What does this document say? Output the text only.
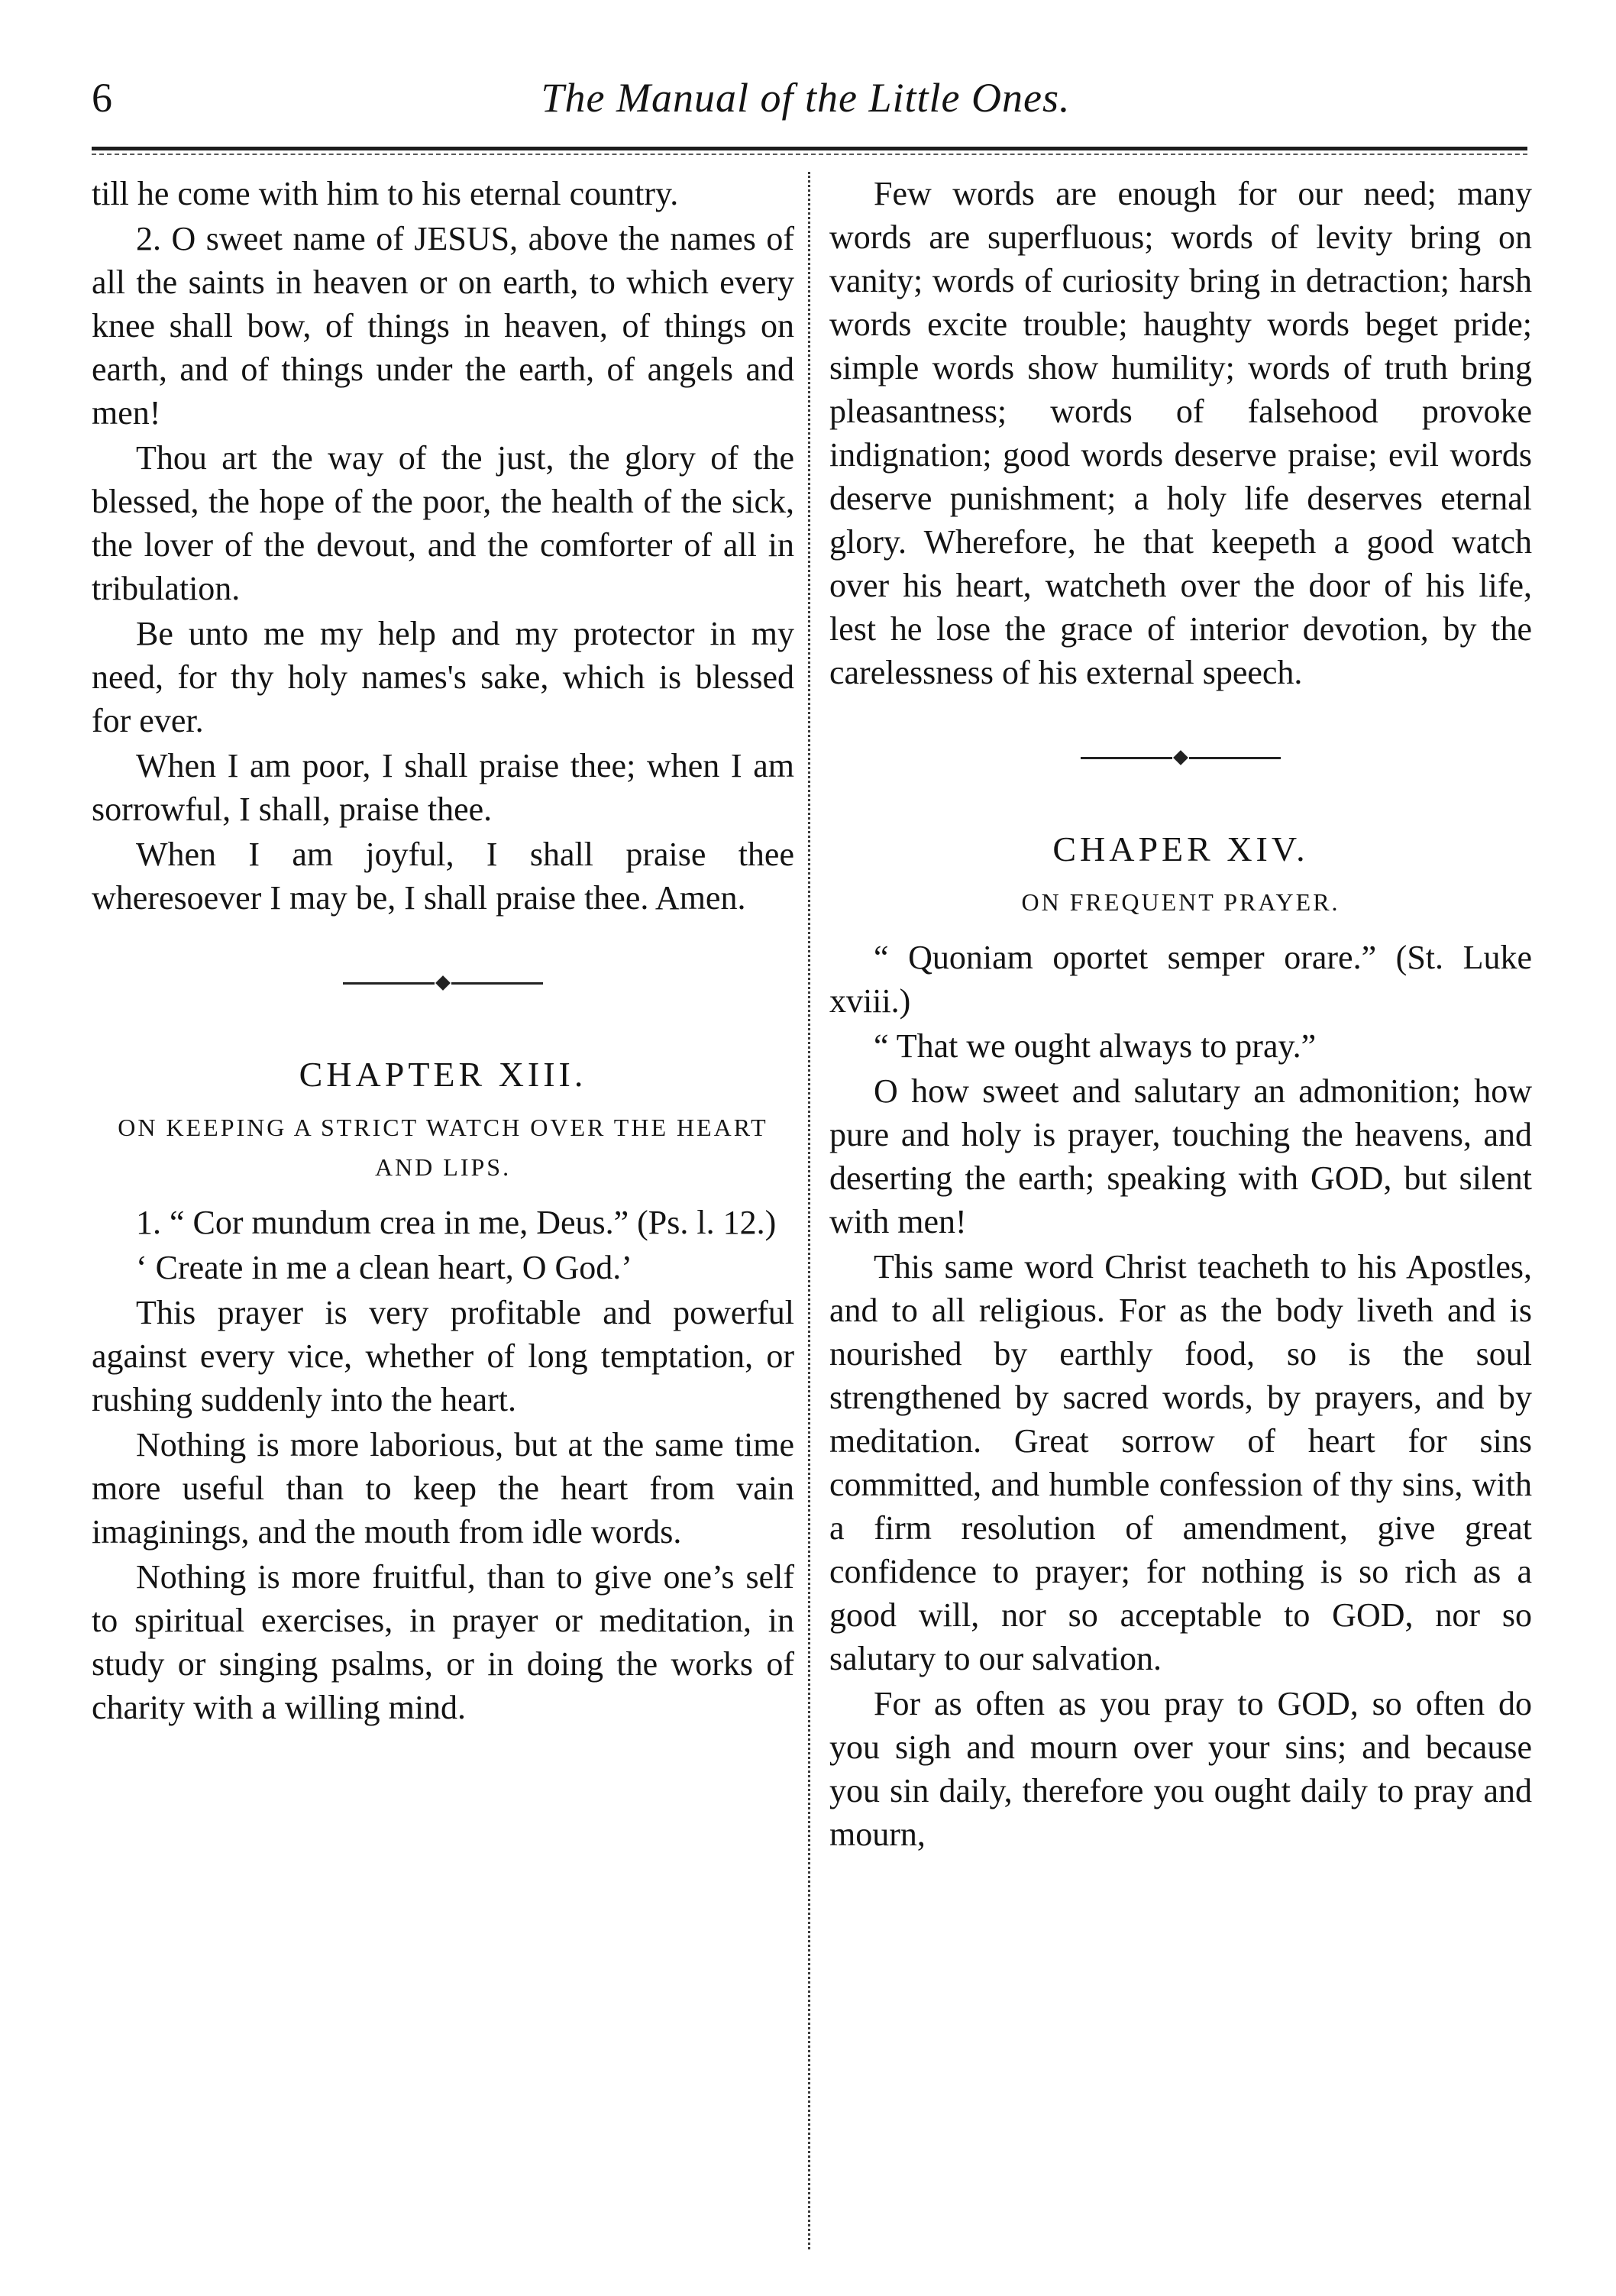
6	The Manual of the Little Ones.

till he come with him to his eternal country.

2. O sweet name of JESUS, above the names of all the saints in heaven or on earth, to which every knee shall bow, of things in heaven, of things on earth, and of things under the earth, of angels and men!

Thou art the way of the just, the glory of the blessed, the hope of the poor, the health of the sick, the lover of the devout, and the comforter of all in tribulation.

Be unto me my help and my protector in my need, for thy holy names's sake, which is blessed for ever.

When I am poor, I shall praise thee; when I am sorrowful, I shall, praise thee.

When I am joyful, I shall praise thee wheresoever I may be, I shall praise thee. Amen.

CHAPTER XIII.
ON KEEPING A STRICT WATCH OVER THE HEART AND LIPS.

1. “ Cor mundum crea in me, Deus.” (Ps. l. 12.)

‘ Create in me a clean heart, O God.’

This prayer is very profitable and powerful against every vice, whether of long temptation, or rushing suddenly into the heart.

Nothing is more laborious, but at the same time more useful than to keep the heart from vain imaginings, and the mouth from idle words.

Nothing is more fruitful, than to give one’s self to spiritual exercises, in prayer or meditation, in study or singing psalms, or in doing the works of charity with a willing mind.

Few words are enough for our need; many words are superfluous; words of levity bring on vanity; words of curiosity bring in detraction; harsh words excite trouble; haughty words beget pride; simple words show humility; words of truth bring pleasantness; words of falsehood provoke indignation; good words deserve praise; evil words deserve punishment; a holy life deserves eternal glory. Wherefore, he that keepeth a good watch over his heart, watcheth over the door of his life, lest he lose the grace of interior devotion, by the carelessness of his external speech.

CHAPER XIV.
ON FREQUENT PRAYER.

“ Quoniam oportet semper orare.” (St. Luke xviii.)

“ That we ought always to pray.”

O how sweet and salutary an admonition; how pure and holy is prayer, touching the heavens, and deserting the earth; speaking with GOD, but silent with men!

This same word Christ teacheth to his Apostles, and to all religious. For as the body liveth and is nourished by earthly food, so is the soul strengthened by sacred words, by prayers, and by meditation. Great sorrow of heart for sins committed, and humble confession of thy sins, with a firm resolution of amendment, give great confidence to prayer; for nothing is so rich as a good will, nor so acceptable to GOD, nor so salutary to our salvation.

For as often as you pray to GOD, so often do you sigh and mourn over your sins; and because you sin daily, therefore you ought daily to pray and mourn,
